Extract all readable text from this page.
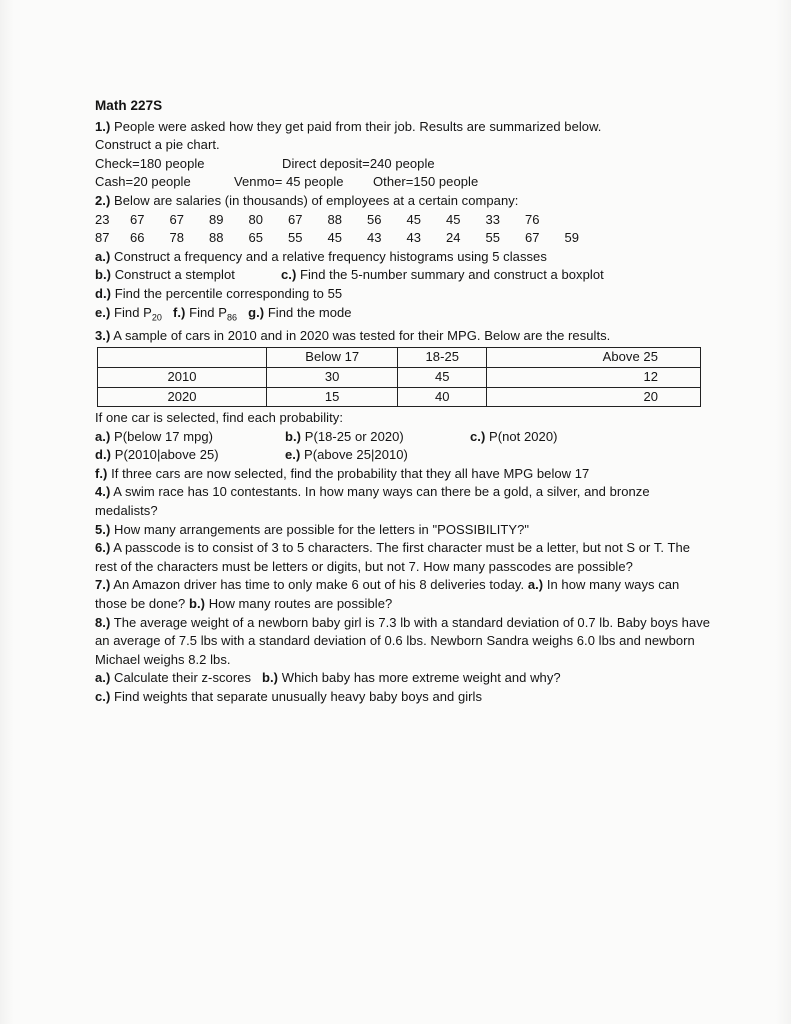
Math 227S
1.) People were asked how they get paid from their job. Results are summarized below.
Construct a pie chart.
Check=180 people	Direct deposit=240 people
Cash=20 people	Venmo= 45 people Other=150 people
2.) Below are salaries (in thousands) of employees at a certain company:
23	67	67	89	80	67	88	56	45	45	33	76
87	66	78	88	65	55	45	43	43	24	55	67	59
a.) Construct a frequency and a relative frequency histograms using 5 classes
b.) Construct a stemplot	c.) Find the 5-number summary and construct a boxplot
d.) Find the percentile corresponding to 55
e.) Find $P_{20}$ f.) Find $P_{86}$ g.) Find the mode
3.) A sample of cars in 2010 and in 2020 was tested for their MPG. Below are the results.
	Below 17	18-25	Above 25
2010	30	45	12
2020	15	40	20
If one car is selected, find each probability:
a.) P(below 17 mpg)	b.) P(18-25 or 2020)	c.) P(not 2020)
d.) P(2010|above 25)	e.) P(above 25|2010)
f.) If three cars are now selected, find the probability that they all have MPG below 17
4.) A swim race has 10 contestants. In how many ways can there be a gold, a silver, and bronze medalists?
5.) How many arrangements are possible for the letters in "POSSIBILITY?"
6.) A passcode is to consist of 3 to 5 characters. The first character must be a letter, but not S or T. The rest of the characters must be letters or digits, but not 7. How many passcodes are possible?
7.) An Amazon driver has time to only make 6 out of his 8 deliveries today. a.) In how many ways can those be done? b.) How many routes are possible?
8.) The average weight of a newborn baby girl is 7.3 lb with a standard deviation of 0.7 lb. Baby boys have an average of 7.5 lbs with a standard deviation of 0.6 lbs. Newborn Sandra weighs 6.0 lbs and newborn Michael weighs 8.2 lbs.
a.) Calculate their z-scores b.) Which baby has more extreme weight and why?
c.) Find weights that separate unusually heavy baby boys and girls
